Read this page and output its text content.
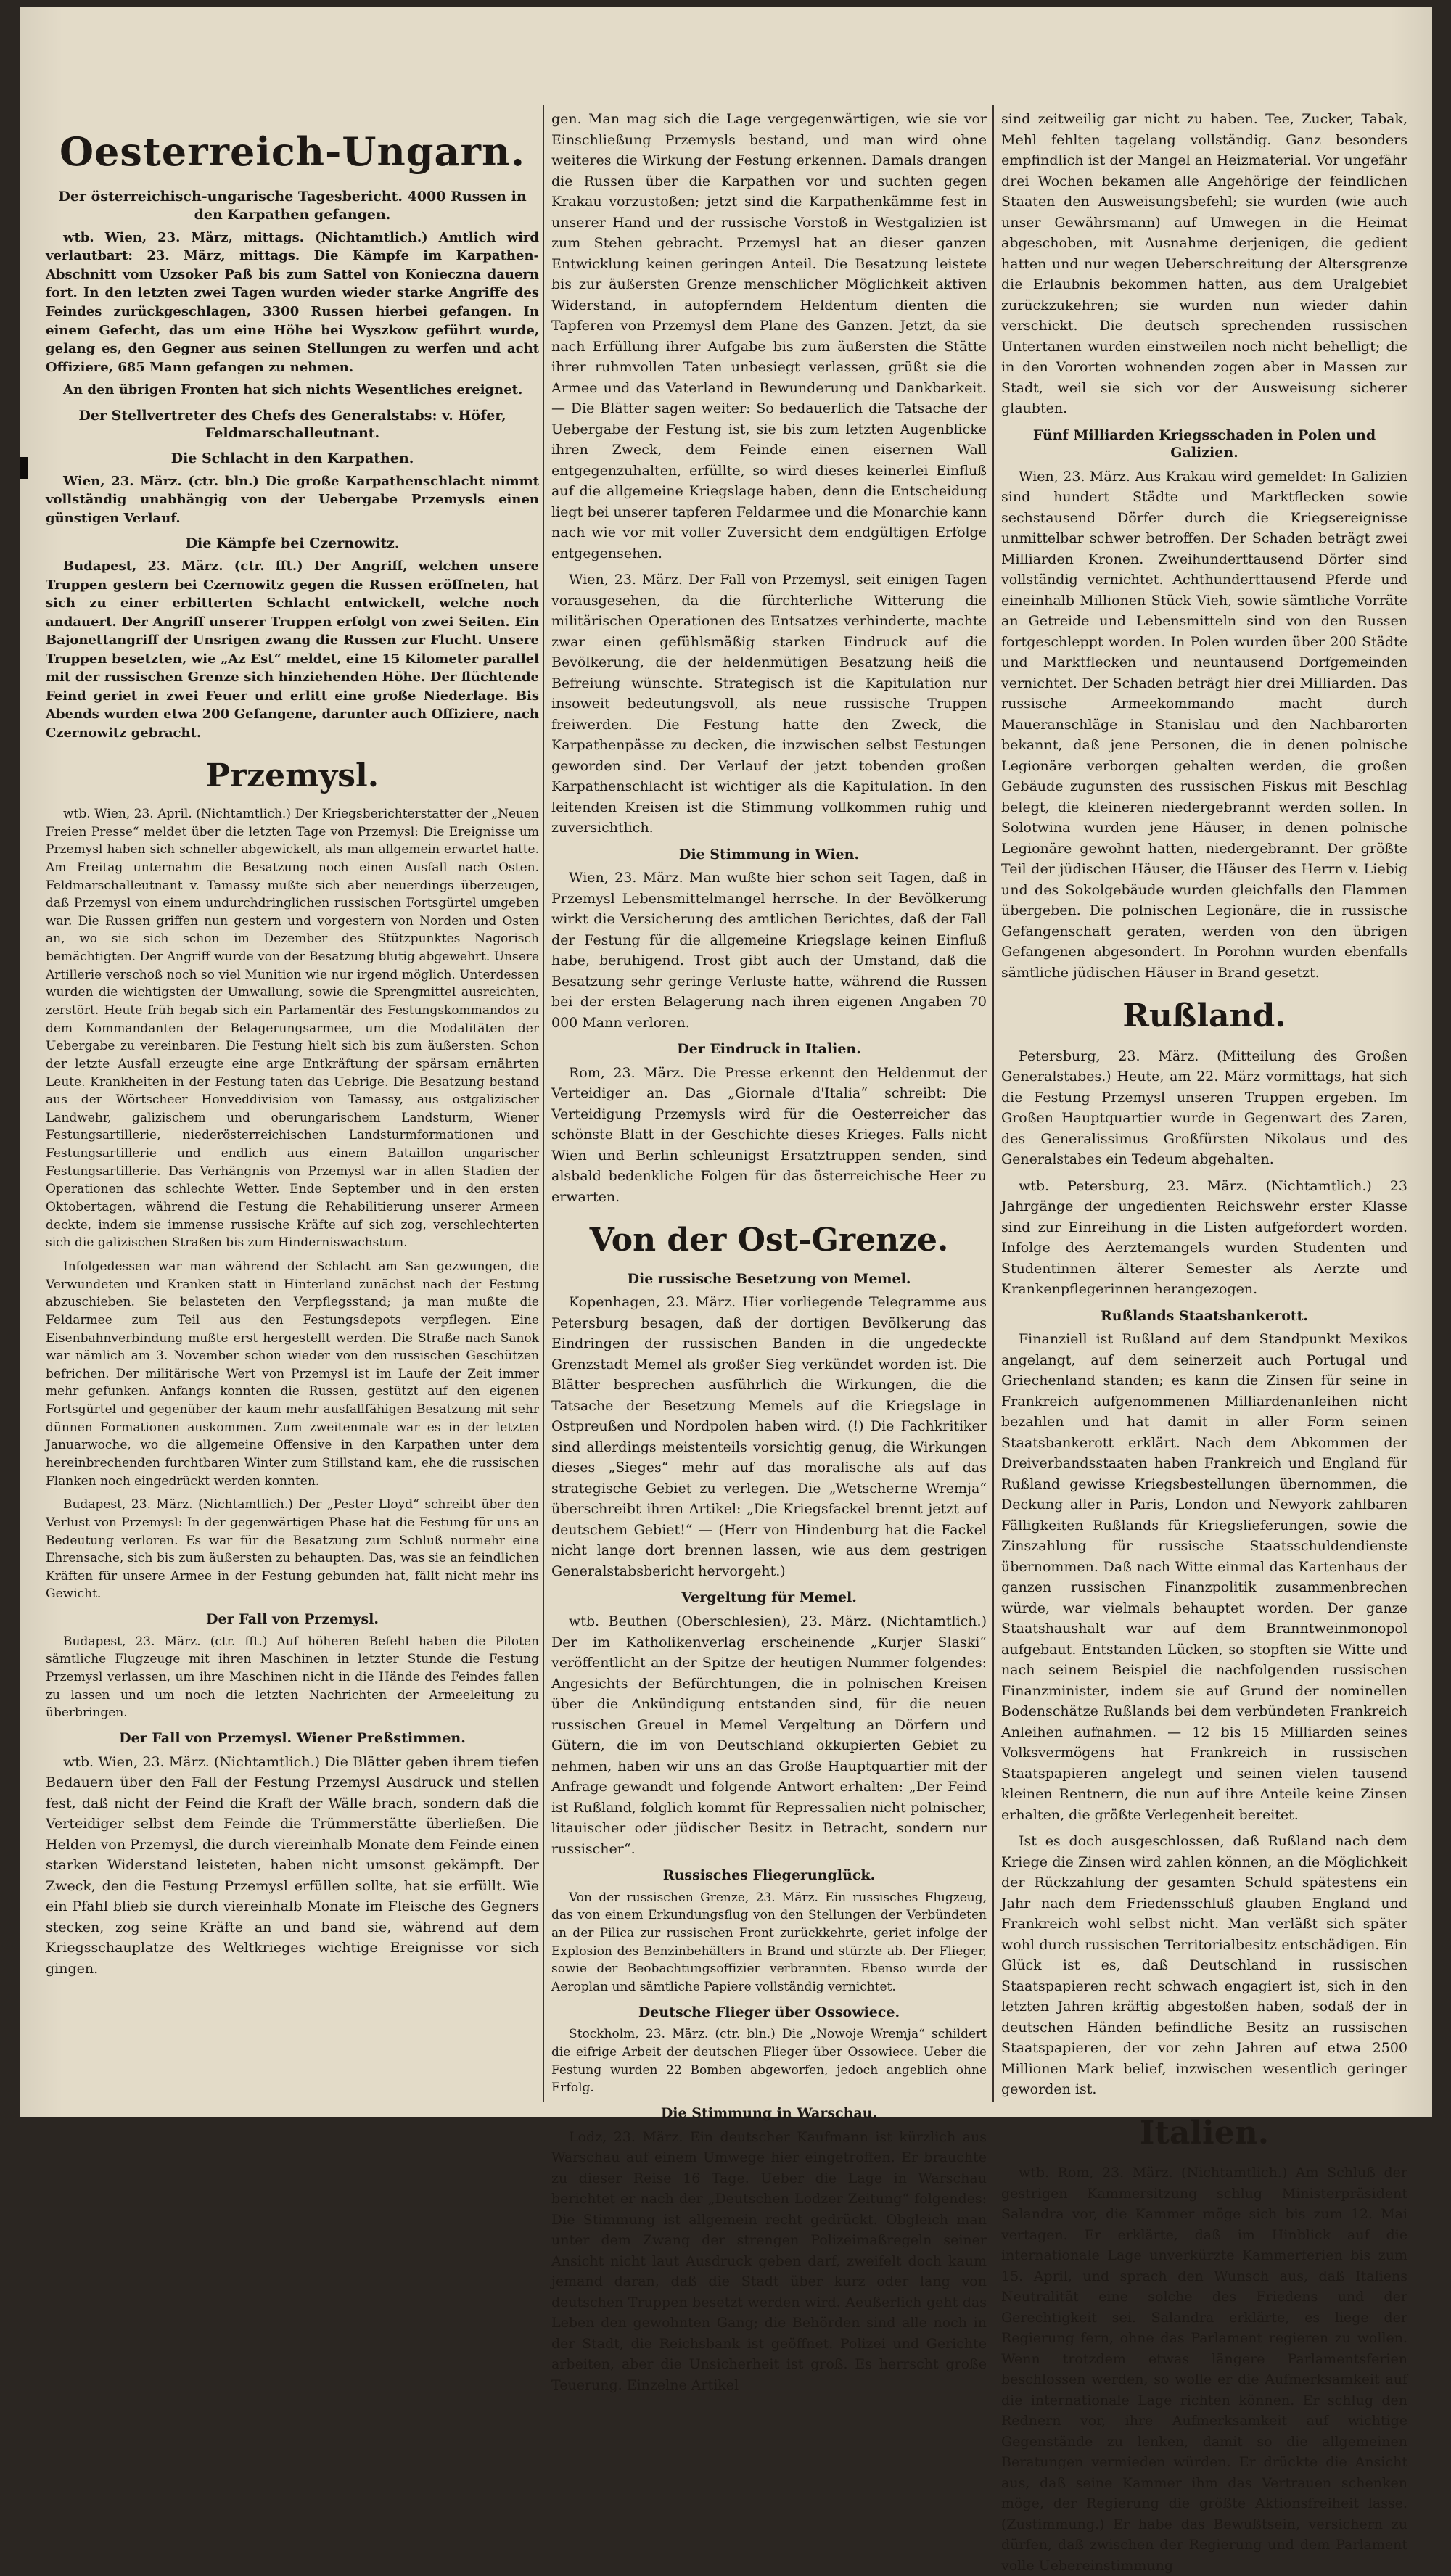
Oesterreich-Ungarn.
Der österreichisch-ungarische Tagesbericht. 4000 Russen in den Karpathen gefangen.

wtb. Wien, 23. März, mittags. (Nichtamtlich.) Amtlich wird verlautbart: 23. März, mittags. Die Kämpfe im Karpathen-Abschnitt vom Uzsoker Paß bis zum Sattel von Konieczna dauern fort. In den letzten zwei Tagen wurden wieder starke Angriffe des Feindes zurückgeschlagen, 3300 Russen hierbei gefangen. In einem Gefecht, das um eine Höhe bei Wyszkow geführt wurde, gelang es, den Gegner aus seinen Stellungen zu werfen und acht Offiziere, 685 Mann gefangen zu nehmen.

An den übrigen Fronten hat sich nichts Wesentliches ereignet.

Der Stellvertreter des Chefs des Generalstabs: v. Höfer, Feldmarschalleutnant.
Die Schlacht in den Karpathen.

Wien, 23. März. (ctr. bln.) Die große Karpathenschlacht nimmt vollständig unabhängig von der Uebergabe Przemysls einen günstigen Verlauf.

Die Kämpfe bei Czernowitz.

Budapest, 23. März. (ctr. fft.) Der Angriff, welchen unsere Truppen gestern bei Czernowitz gegen die Russen eröffneten, hat sich zu einer erbitterten Schlacht entwickelt, welche noch andauert. Der Angriff unserer Truppen erfolgt von zwei Seiten. Ein Bajonettangriff der Unsrigen zwang die Russen zur Flucht. Unsere Truppen besetzten, wie „Az Est“ meldet, eine 15 Kilometer parallel mit der russischen Grenze sich hinziehenden Höhe. Der flüchtende Feind geriet in zwei Feuer und erlitt eine große Niederlage. Bis Abends wurden etwa 200 Gefangene, darunter auch Offiziere, nach Czernowitz gebracht.

Przemysl.

wtb. Wien, 23. April. (Nichtamtlich.) Der Kriegsberichterstatter der „Neuen Freien Presse“ meldet über die letzten Tage von Przemysl: Die Ereignisse um Przemysl haben sich schneller abgewickelt, als man allgemein erwartet hatte. Am Freitag unternahm die Besatzung noch einen Ausfall nach Osten. Feldmarschalleutnant v. Tamassy mußte sich aber neuerdings überzeugen, daß Przemysl von einem undurchdringlichen russischen Fortsgürtel umgeben war. Die Russen griffen nun gestern und vorgestern von Norden und Osten an, wo sie sich schon im Dezember des Stützpunktes Nagorisch bemächtigten. Der Angriff wurde von der Besatzung blutig abgewehrt. Unsere Artillerie verschoß noch so viel Munition wie nur irgend möglich. Unterdessen wurden die wichtigsten der Umwallung, sowie die Sprengmittel ausreichten, zerstört. Heute früh begab sich ein Parlamentär des Festungskommandos zu dem Kommandanten der Belagerungsarmee, um die Modalitäten der Uebergabe zu vereinbaren. Die Festung hielt sich bis zum äußersten. Schon der letzte Ausfall erzeugte eine arge Entkräftung der spärsam ernährten Leute. Krankheiten in der Festung taten das Uebrige. Die Besatzung bestand aus der Wörtscheer Honveddivision von Tamassy, aus ostgalizischer Landwehr, galizischem und oberungarischem Landsturm, Wiener Festungsartillerie, niederösterreichischen Landsturmformationen und Festungsartillerie und endlich aus einem Bataillon ungarischer Festungsartillerie. Das Verhängnis von Przemysl war in allen Stadien der Operationen das schlechte Wetter. Ende September und in den ersten Oktobertagen, während die Festung die Rehabilitierung unserer Armeen deckte, indem sie immense russische Kräfte auf sich zog, verschlechterten sich die galizischen Straßen bis zum Hinderniswachstum.

Infolgedessen war man während der Schlacht am San gezwungen, die Verwundeten und Kranken statt in Hinterland zunächst nach der Festung abzuschieben. Sie belasteten den Verpflegsstand; ja man mußte die Feldarmee zum Teil aus den Festungsdepots verpflegen. Eine Eisenbahnverbindung mußte erst hergestellt werden. Die Straße nach Sanok war nämlich am 3. November schon wieder von den russischen Geschützen befrichen. Der militärische Wert von Przemysl ist im Laufe der Zeit immer mehr gefunken. Anfangs konnten die Russen, gestützt auf den eigenen Fortsgürtel und gegenüber der kaum mehr ausfallfähigen Besatzung mit sehr dünnen Formationen auskommen. Zum zweitenmale war es in der letzten Januarwoche, wo die allgemeine Offensive in den Karpathen unter dem hereinbrechenden furchtbaren Winter zum Stillstand kam, ehe die russischen Flanken noch eingedrückt werden konnten.

Budapest, 23. März. (Nichtamtlich.) Der „Pester Lloyd“ schreibt über den Verlust von Przemysl: In der gegenwärtigen Phase hat die Festung für uns an Bedeutung verloren. Es war für die Besatzung zum Schluß nurmehr eine Ehrensache, sich bis zum äußersten zu behaupten. Das, was sie an feindlichen Kräften für unsere Armee in der Festung gebunden hat, fällt nicht mehr ins Gewicht.

Der Fall von Przemysl.

Budapest, 23. März. (ctr. fft.) Auf höheren Befehl haben die Piloten sämtliche Flugzeuge mit ihren Maschinen in letzter Stunde die Festung Przemysl verlassen, um ihre Maschinen nicht in die Hände des Feindes fallen zu lassen und um noch die letzten Nachrichten der Armeeleitung zu überbringen.

Der Fall von Przemysl. Wiener Preßstimmen.

wtb. Wien, 23. März. (Nichtamtlich.) Die Blätter geben ihrem tiefen Bedauern über den Fall der Festung Przemysl Ausdruck und stellen fest, daß nicht der Feind die Kraft der Wälle brach, sondern daß die Verteidiger selbst dem Feinde die Trümmerstätte überließen. Die Helden von Przemysl, die durch viereinhalb Monate dem Feinde einen starken Widerstand leisteten, haben nicht umsonst gekämpft. Der Zweck, den die Festung Przemysl erfüllen sollte, hat sie erfüllt. Wie ein Pfahl blieb sie durch viereinhalb Monate im Fleische des Gegners stecken, zog seine Kräfte an und band sie, während auf dem Kriegsschauplatze des Weltkrieges wichtige Ereignisse vor sich gingen.

gen. Man mag sich die Lage vergegenwärtigen, wie sie vor Einschließung Przemysls bestand, und man wird ohne weiteres die Wirkung der Festung erkennen. Damals drangen die Russen über die Karpathen vor und suchten gegen Krakau vorzustoßen; jetzt sind die Karpathenkämme fest in unserer Hand und der russische Vorstoß in Westgalizien ist zum Stehen gebracht. Przemysl hat an dieser ganzen Entwicklung keinen geringen Anteil. Die Besatzung leistete bis zur äußersten Grenze menschlicher Möglichkeit aktiven Widerstand, in aufopferndem Heldentum dienten die Tapferen von Przemysl dem Plane des Ganzen. Jetzt, da sie nach Erfüllung ihrer Aufgabe bis zum äußersten die Stätte ihrer ruhmvollen Taten unbesiegt verlassen, grüßt sie die Armee und das Vaterland in Bewunderung und Dankbarkeit. — Die Blätter sagen weiter: So bedauerlich die Tatsache der Uebergabe der Festung ist, sie bis zum letzten Augenblicke ihren Zweck, dem Feinde einen eisernen Wall entgegenzuhalten, erfüllte, so wird dieses keinerlei Einfluß auf die allgemeine Kriegslage haben, denn die Entscheidung liegt bei unserer tapferen Feldarmee und die Monarchie kann nach wie vor mit voller Zuversicht dem endgültigen Erfolge entgegensehen.

Wien, 23. März. Der Fall von Przemysl, seit einigen Tagen vorausgesehen, da die fürchterliche Witterung die militärischen Operationen des Entsatzes verhinderte, machte zwar einen gefühlsmäßig starken Eindruck auf die Bevölkerung, die der heldenmütigen Besatzung heiß die Befreiung wünschte. Strategisch ist die Kapitulation nur insoweit bedeutungsvoll, als neue russische Truppen freiwerden. Die Festung hatte den Zweck, die Karpathenpässe zu decken, die inzwischen selbst Festungen geworden sind. Der Verlauf der jetzt tobenden großen Karpathenschlacht ist wichtiger als die Kapitulation. In den leitenden Kreisen ist die Stimmung vollkommen ruhig und zuversichtlich.

Die Stimmung in Wien.

Wien, 23. März. Man wußte hier schon seit Tagen, daß in Przemysl Lebensmittelmangel herrsche. In der Bevölkerung wirkt die Versicherung des amtlichen Berichtes, daß der Fall der Festung für die allgemeine Kriegslage keinen Einfluß habe, beruhigend. Trost gibt auch der Umstand, daß die Besatzung sehr geringe Verluste hatte, während die Russen bei der ersten Belagerung nach ihren eigenen Angaben 70 000 Mann verloren.

Der Eindruck in Italien.

Rom, 23. März. Die Presse erkennt den Heldenmut der Verteidiger an. Das „Giornale d'Italia“ schreibt: Die Verteidigung Przemysls wird für die Oesterreicher das schönste Blatt in der Geschichte dieses Krieges. Falls nicht Wien und Berlin schleunigst Ersatztruppen senden, sind alsbald bedenkliche Folgen für das österreichische Heer zu erwarten.

Von der Ost-Grenze.
Die russische Besetzung von Memel.

Kopenhagen, 23. März. Hier vorliegende Telegramme aus Petersburg besagen, daß der dortigen Bevölkerung das Eindringen der russischen Banden in die ungedeckte Grenzstadt Memel als großer Sieg verkündet worden ist. Die Blätter besprechen ausführlich die Wirkungen, die die Tatsache der Besetzung Memels auf die Kriegslage in Ostpreußen und Nordpolen haben wird. (!) Die Fachkritiker sind allerdings meistenteils vorsichtig genug, die Wirkungen dieses „Sieges“ mehr auf das moralische als auf das strategische Gebiet zu verlegen. Die „Wetscherne Wremja“ überschreibt ihren Artikel: „Die Kriegsfackel brennt jetzt auf deutschem Gebiet!“ — (Herr von Hindenburg hat die Fackel nicht lange dort brennen lassen, wie aus dem gestrigen Generalstabsbericht hervorgeht.)

Vergeltung für Memel.

wtb. Beuthen (Oberschlesien), 23. März. (Nichtamtlich.) Der im Katholikenverlag erscheinende „Kurjer Slaski“ veröffentlicht an der Spitze der heutigen Nummer folgendes: Angesichts der Befürchtungen, die in polnischen Kreisen über die Ankündigung entstanden sind, für die neuen russischen Greuel in Memel Vergeltung an Dörfern und Gütern, die im von Deutschland okkupierten Gebiet zu nehmen, haben wir uns an das Große Hauptquartier mit der Anfrage gewandt und folgende Antwort erhalten: „Der Feind ist Rußland, folglich kommt für Repressalien nicht polnischer, litauischer oder jüdischer Besitz in Betracht, sondern nur russischer“.

Russisches Fliegerunglück.

Von der russischen Grenze, 23. März. Ein russisches Flugzeug, das von einem Erkundungsflug von den Stellungen der Verbündeten an der Pilica zur russischen Front zurückkehrte, geriet infolge der Explosion des Benzinbehälters in Brand und stürzte ab. Der Flieger, sowie der Beobachtungsoffizier verbrannten. Ebenso wurde der Aeroplan und sämtliche Papiere vollständig vernichtet.

Deutsche Flieger über Ossowiece.

Stockholm, 23. März. (ctr. bln.) Die „Nowoje Wremja“ schildert die eifrige Arbeit der deutschen Flieger über Ossowiece. Ueber die Festung wurden 22 Bomben abgeworfen, jedoch angeblich ohne Erfolg.

Die Stimmung in Warschau.

Lodz, 23. März. Ein deutscher Kaufmann ist kürzlich aus Warschau auf einem Umwege hier eingetroffen. Er brauchte zu dieser Reise 16 Tage. Ueber die Lage in Warschau berichtet er nach der „Deutschen Lodzer Zeitung“ folgendes: Die Stimmung ist allgemein recht gedrückt. Obgleich man unter dem Zwang der strengen Polizeimaßregeln seiner Ansicht nicht laut Ausdruck geben darf, zweifelt doch kaum jemand daran, daß die Stadt über kurz oder lang von deutschen Truppen besetzt werden wird. Aeußerlich geht das Leben den gewohnten Gang; die Behörden sind alle noch in der Stadt, die Reichsbank ist geöffnet. Polizei und Gerichte arbeiten, aber die Unsicherheit ist groß. Es herrscht große Teuerung. Einzelne Artikel

sind zeitweilig gar nicht zu haben. Tee, Zucker, Tabak, Mehl fehlten tagelang vollständig. Ganz besonders empfindlich ist der Mangel an Heizmaterial. Vor ungefähr drei Wochen bekamen alle Angehörige der feindlichen Staaten den Ausweisungsbefehl; sie wurden (wie auch unser Gewährsmann) auf Umwegen in die Heimat abgeschoben, mit Ausnahme derjenigen, die gedient hatten und nur wegen Ueberschreitung der Altersgrenze die Erlaubnis bekommen hatten, aus dem Uralgebiet zurückzukehren; sie wurden nun wieder dahin verschickt. Die deutsch sprechenden russischen Untertanen wurden einstweilen noch nicht behelligt; die in den Vororten wohnenden zogen aber in Massen zur Stadt, weil sie sich vor der Ausweisung sicherer glaubten.

Fünf Milliarden Kriegsschaden in Polen und Galizien.

Wien, 23. März. Aus Krakau wird gemeldet: In Galizien sind hundert Städte und Marktflecken sowie sechstausend Dörfer durch die Kriegsereignisse unmittelbar schwer betroffen. Der Schaden beträgt zwei Milliarden Kronen. Zweihunderttausend Dörfer sind vollständig vernichtet. Achthunderttausend Pferde und eineinhalb Millionen Stück Vieh, sowie sämtliche Vorräte an Getreide und Lebensmitteln sind von den Russen fortgeschleppt worden. In Polen wurden über 200 Städte und Marktflecken und neuntausend Dorfgemeinden vernichtet. Der Schaden beträgt hier drei Milliarden. Das russische Armeekommando macht durch Maueranschläge in Stanislau und den Nachbarorten bekannt, daß jene Personen, die in denen polnische Legionäre verborgen gehalten werden, die großen Gebäude zugunsten des russischen Fiskus mit Beschlag belegt, die kleineren niedergebrannt werden sollen. In Solotwina wurden jene Häuser, in denen polnische Legionäre gewohnt hatten, niedergebrannt. Der größte Teil der jüdischen Häuser, die Häuser des Herrn v. Liebig und des Sokolgebäude wurden gleichfalls den Flammen übergeben. Die polnischen Legionäre, die in russische Gefangenschaft geraten, werden von den übrigen Gefangenen abgesondert. In Porohnn wurden ebenfalls sämtliche jüdischen Häuser in Brand gesetzt.

Rußland.

Petersburg, 23. März. (Mitteilung des Großen Generalstabes.) Heute, am 22. März vormittags, hat sich die Festung Przemysl unseren Truppen ergeben. Im Großen Hauptquartier wurde in Gegenwart des Zaren, des Generalissimus Großfürsten Nikolaus und des Generalstabes ein Tedeum abgehalten.

wtb. Petersburg, 23. März. (Nichtamtlich.) 23 Jahrgänge der ungedienten Reichswehr erster Klasse sind zur Einreihung in die Listen aufgefordert worden. Infolge des Aerztemangels wurden Studenten und Studentinnen älterer Semester als Aerzte und Krankenpflegerinnen herangezogen.

Rußlands Staatsbankerott.

Finanziell ist Rußland auf dem Standpunkt Mexikos angelangt, auf dem seinerzeit auch Portugal und Griechenland standen; es kann die Zinsen für seine in Frankreich aufgenommenen Milliardenanleihen nicht bezahlen und hat damit in aller Form seinen Staatsbankerott erklärt. Nach dem Abkommen der Dreiverbandsstaaten haben Frankreich und England für Rußland gewisse Kriegsbestellungen übernommen, die Deckung aller in Paris, London und Newyork zahlbaren Fälligkeiten Rußlands für Kriegslieferungen, sowie die Zinszahlung für russische Staatsschuldendienste übernommen. Daß nach Witte einmal das Kartenhaus der ganzen russischen Finanzpolitik zusammenbrechen würde, war vielmals behauptet worden. Der ganze Staatshaushalt war auf dem Branntweinmonopol aufgebaut. Entstanden Lücken, so stopften sie Witte und nach seinem Beispiel die nachfolgenden russischen Finanzminister, indem sie auf Grund der nominellen Bodenschätze Rußlands bei dem verbündeten Frankreich Anleihen aufnahmen. — 12 bis 15 Milliarden seines Volksvermögens hat Frankreich in russischen Staatspapieren angelegt und seinen vielen tausend kleinen Rentnern, die nun auf ihre Anteile keine Zinsen erhalten, die größte Verlegenheit bereitet.

Ist es doch ausgeschlossen, daß Rußland nach dem Kriege die Zinsen wird zahlen können, an die Möglichkeit der Rückzahlung der gesamten Schuld spätestens ein Jahr nach dem Friedensschluß glauben England und Frankreich wohl selbst nicht. Man verläßt sich später wohl durch russischen Territorialbesitz entschädigen. Ein Glück ist es, daß Deutschland in russischen Staatspapieren recht schwach engagiert ist, sich in den letzten Jahren kräftig abgestoßen haben, sodaß der in deutschen Händen befindliche Besitz an russischen Staatspapieren, der vor zehn Jahren auf etwa 2500 Millionen Mark belief, inzwischen wesentlich geringer geworden ist.

Italien.

wtb. Rom, 23. März. (Nichtamtlich.) Am Schluß der gestrigen Kammersitzung schlug Ministerpräsident Salandra vor, die Kammer möge sich bis zum 12. Mai vertagen. Er erklärte, daß im Hinblick auf die internationale Lage unverkürzte Kammerferien bis zum 15. April, und sprach den Wunsch aus, daß Italiens Neutralität eine solche des Friedens und der Gerechtigkeit sei. Salandra erklärte, es liege der Regierung fern, ohne das Parlament regieren zu wollen. Wenn trotzdem etwas längere Parlamentsferien beschlossen werden, so wolle er die Aufmerksamkeit auf die internationale Lage richten können. Er schlug den Rednern vor, ihre Aufmerksamkeit auf wichtige Gegenstände zu lenken, damit so die allgemeinen Beratungen vermieden würden. Er drückte die Ansicht aus, daß seine Kammer ihm das Vertrauen schenken möge, der Regierung die größte Aktionsfreiheit lasse. (Zustimmung.) Er habe das Bewußtsein, versichern zu dürfen, daß zwischen der Regierung und dem Parlament volle Uebereinstimmung
